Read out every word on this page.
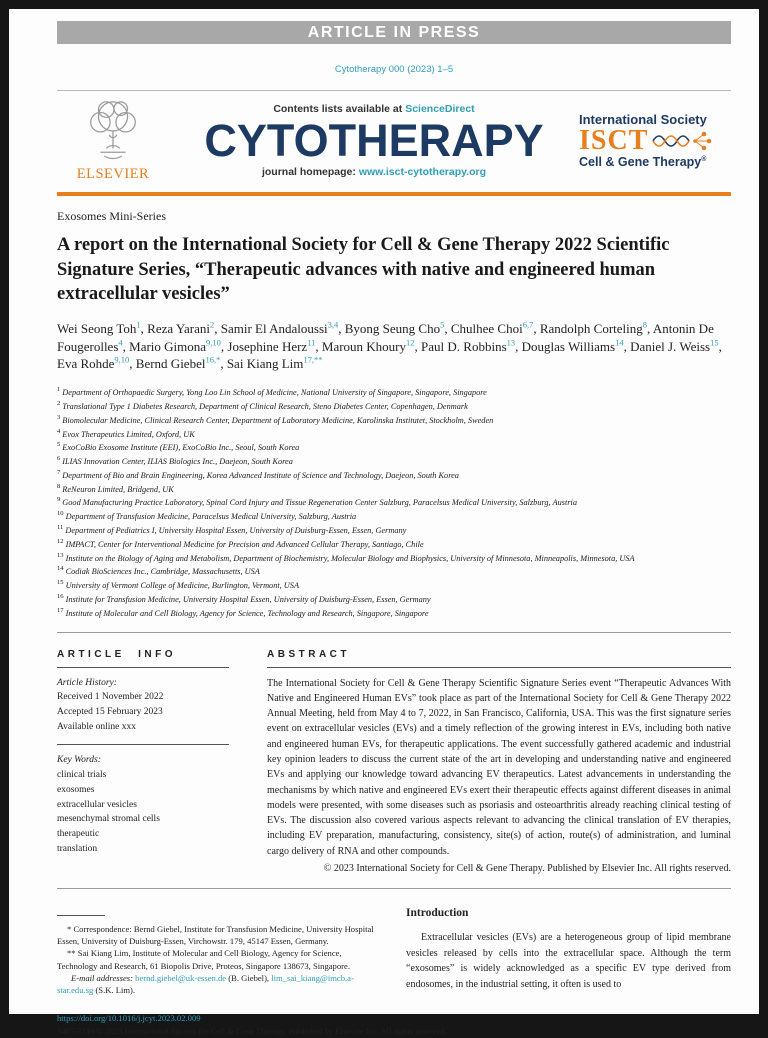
ARTICLE IN PRESS
Cytotherapy 000 (2023) 1–5
ELSEVIER
Contents lists available at ScienceDirect
CYTOTHERAPY
journal homepage: www.isct-cytotherapy.org
International Society
ISCT
Cell & Gene Therapy®
Exosomes Mini-Series
A report on the International Society for Cell & Gene Therapy 2022 Scientific Signature Series, “Therapeutic advances with native and engineered human extracellular vesicles”

Wei Seong Toh$^1$, Reza Yarani$^2$, Samir El Andaloussi$^{3,4}$, Byong Seung Cho$^5$, Chulhee Choi$^{6,7}$, Randolph Corteling$^8$, Antonin De Fougerolles$^4$, Mario Gimona$^{9,10}$, Josephine Herz$^{11}$, Maroun Khoury$^{12}$, Paul D. Robbins$^{13}$, Douglas Williams$^{14}$, Daniel J. Weiss$^{15}$, Eva Rohde$^{9,10}$, Bernd Giebel$^{16,*}$, Sai Kiang Lim$^{17,**}$

$^1$ Department of Orthopaedic Surgery, Yong Loo Lin School of Medicine, National University of Singapore, Singapore, Singapore
$^2$ Translational Type 1 Diabetes Research, Department of Clinical Research, Steno Diabetes Center, Copenhagen, Denmark
$^3$ Biomolecular Medicine, Clinical Research Center, Department of Laboratory Medicine, Karolinska Institutet, Stockholm, Sweden
$^4$ Evox Therapeutics Limited, Oxford, UK
$^5$ ExoCoBio Exosome Institute (EEI), ExoCoBio Inc., Seoul, South Korea
$^6$ ILIAS Innovation Center, ILIAS Biologics Inc., Daejeon, South Korea
$^7$ Department of Bio and Brain Engineering, Korea Advanced Institute of Science and Technology, Daejeon, South Korea
$^8$ ReNeuron Limited, Bridgend, UK
$^9$ Good Manufacturing Practice Laboratory, Spinal Cord Injury and Tissue Regeneration Center Salzburg, Paracelsus Medical University, Salzburg, Austria
$^{10}$ Department of Transfusion Medicine, Paracelsus Medical University, Salzburg, Austria
$^{11}$ Department of Pediatrics I, University Hospital Essen, University of Duisburg-Essen, Essen, Germany
$^{12}$ IMPACT, Center for Interventional Medicine for Precision and Advanced Cellular Therapy, Santiago, Chile
$^{13}$ Institute on the Biology of Aging and Metabolism, Department of Biochemistry, Molecular Biology and Biophysics, University of Minnesota, Minneapolis, Minnesota, USA
$^{14}$ Codiak BioSciences Inc., Cambridge, Massachusetts, USA
$^{15}$ University of Vermont College of Medicine, Burlington, Vermont, USA
$^{16}$ Institute for Transfusion Medicine, University Hospital Essen, University of Duisburg-Essen, Essen, Germany
$^{17}$ Institute of Molecular and Cell Biology, Agency for Science, Technology and Research, Singapore, Singapore
ARTICLE INFO
Article History:
Received 1 November 2022
Accepted 15 February 2023
Available online xxx
Key Words:
clinical trials
exosomes
extracellular vesicles
mesenchymal stromal cells
therapeutic
translation
ABSTRACT

The International Society for Cell & Gene Therapy Scientific Signature Series event “Therapeutic Advances With Native and Engineered Human EVs” took place as part of the International Society for Cell & Gene Therapy 2022 Annual Meeting, held from May 4 to 7, 2022, in San Francisco, California, USA. This was the first signature series event on extracellular vesicles (EVs) and a timely reflection of the growing interest in EVs, including both native and engineered human EVs, for therapeutic applications. The event successfully gathered academic and industrial key opinion leaders to discuss the current state of the art in developing and understanding native and engineered EVs and applying our knowledge toward advancing EV therapeutics. Latest advancements in understanding the mechanisms by which native and engineered EVs exert their therapeutic effects against different diseases in animal models were presented, with some diseases such as psoriasis and osteoarthritis already reaching clinical testing of EVs. The discussion also covered various aspects relevant to advancing the clinical translation of EV therapies, including EV preparation, manufacturing, consistency, site(s) of action, route(s) of administration, and luminal cargo delivery of RNA and other compounds.

© 2023 International Society for Cell & Gene Therapy. Published by Elsevier Inc. All rights reserved.

* Correspondence: Bernd Giebel, Institute for Transfusion Medicine, University Hospital Essen, University of Duisburg-Essen, Virchowstr. 179, 45147 Essen, Germany.

** Sai Kiang Lim, Institute of Molecular and Cell Biology, Agency for Science, Technology and Research, 61 Biopolis Drive, Proteos, Singapore 138673, Singapore.

E-mail addresses: bernd.giebel@uk-essen.de (B. Giebel), lim_sai_kiang@imcb.a-star.edu.sg (S.K. Lim).

Introduction

Extracellular vesicles (EVs) are a heterogeneous group of lipid membrane vesicles released by cells into the extracellular space. Although the term “exosomes” is widely acknowledged as a specific EV type derived from endosomes, in the industrial setting, it often is used to

https://doi.org/10.1016/j.jcyt.2023.02.009
1465-3249/© 2023 International Society for Cell & Gene Therapy. Published by Elsevier Inc. All rights reserved.
